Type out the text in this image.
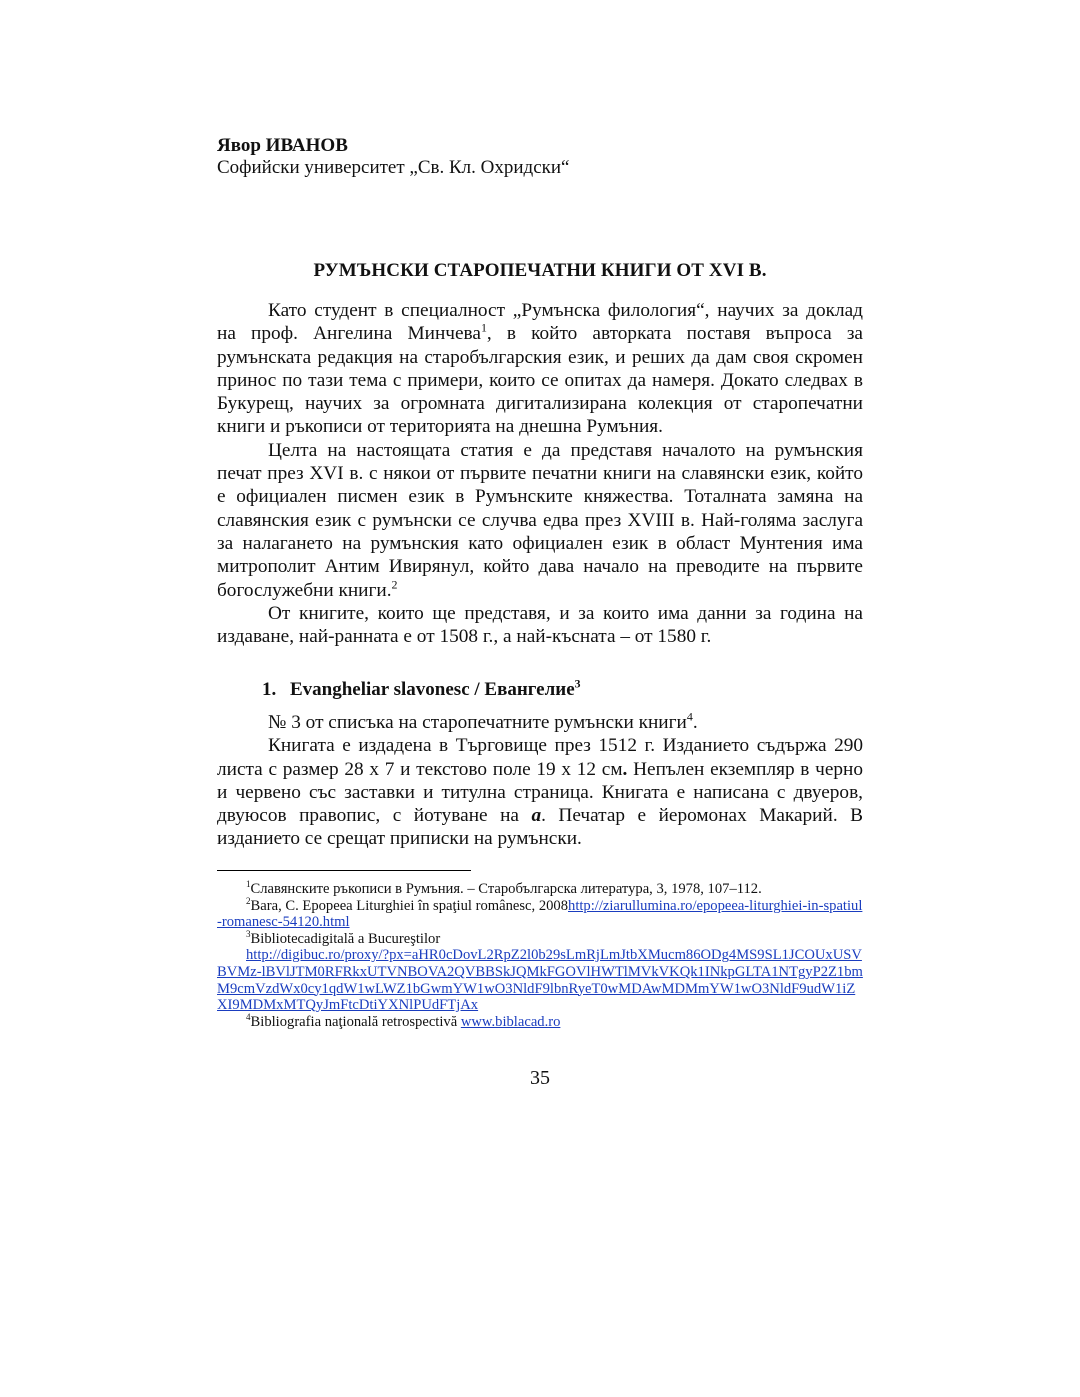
Явор ИВАНОВ
Софийски университет „Св. Кл. Охридски“
РУМЪНСКИ СТАРОПЕЧАТНИ КНИГИ ОТ XVI В.

Като студент в специалност „Румънска филология“, научих за доклад на проф. Ангелина Минчева$^1$, в който авторката поставя въпроса за румънската редакция на старобългарския език, и реших да дам своя скромен принос по тази тема с примери, които се опитах да намеря. Докато следвах в Букурещ, научих за огромната дигитализирана колекция от старопечатни книги и ръкописи от територията на днешна Румъния.

Целта на настоящата статия е да представя началото на румънския печат през XVI в. с някои от първите печатни книги на славянски език, който е официален писмен език в Румънските княжества. Тоталната замяна на славянския език с румънски се случва едва през XVIII в. Най-голяма заслуга за налагането на румънския като официален език в област Мунтения има митрополит Антим Ивирянул, който дава начало на преводите на първите богослужебни книги.$^2$

От книгите, които ще представя, и за които има данни за година на издаване, най-ранната е от 1508 г., а най-късната – от 1580 г.

1. Evangheliar slavonesc / Евангелие$^3$

№ 3 от списъка на старопечатните румънски книги$^4$.

Книгата е издадена в Търговище през 1512 г. Изданието съдържа 290 листа с размер 28 х 7 и текстово поле 19 х 12 см. Непълен екземпляр в черно и червено със заставки и титулна страница. Книгата е написана с двуеров, двуюсов правопис, с йотуване на а. Печатар е йеромонах Макарий. В изданието се срещат приписки на румънски.

$^1$Славянските ръкописи в Румъния. – Старобългарска литература, 3, 1978, 107–112.

$^2$Bara, C. Epopeea Liturghiei în spaţiul românesc, 2008http://ziarullumina.ro/epopeea-liturghiei-in-spatiul-romanesc-54120.html

$^3$Bibliotecadigitală a Bucureştilor

http://digibuc.ro/proxy/?px=aHR0cDovL2RpZ2l0b29sLmRjLmJtbXMucm86ODg4MS9SL1JCOUxUSVBVMz-lBVlJTM0RFRkxUTVNBOVA2QVBBSkJQMkFGOVlHWTlMVkVKQk1INkpGLTA1NTgyP2Z1bmM9cmVzdWx0cy1qdW1wLWZ1bGwmYW1wO3NldF9lbnRyeT0wMDAwMDMmYW1wO3NldF9udW1iZXI9MDMxMTQyJmFtcDtiYXNlPUdFTjAx

$^4$Bibliografia naţională retrospectivă www.biblacad.ro

35
